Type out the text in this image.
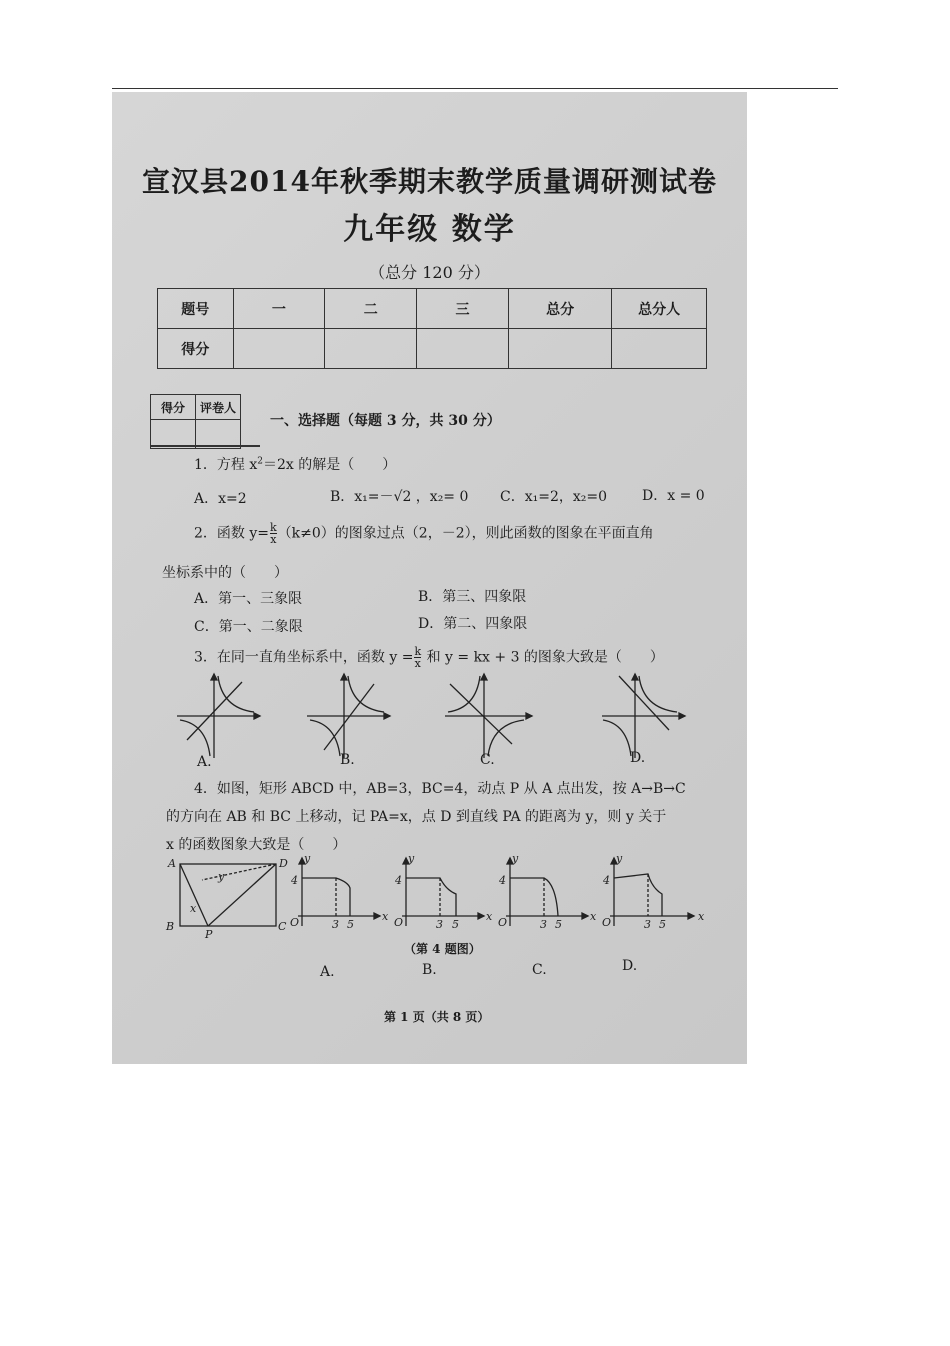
宣汉县2014年秋季期末教学质量调研测试卷
九年级 数学
（总分 120 分）
题号	一	二	三	总分	总分人
得分					
得分	评卷人

一、选择题（每题 3 分，共 30 分）
1．方程 $x^2=2x$ 的解是（　　）
A．x=2	B．x₁=－√2 ，x₂= 0 C．x₁=2，x₂=0 D．x = 0
2．函数 $y= \frac{k}{x} (k\ne 0)$的图象过点（2，－2），则此函数的图象在平面直角
坐标系中的（　　）
A．第一、三象限	B．第三、四象限
C．第一、二象限	D．第二、四象限
3．在同一直角坐标系中，函数 $y = \frac{k}{x}$ 和 y = kx + 3 的图象大致是（　　）
A.	B.	C.	D.
4．如图，矩形 ABCD 中，AB=3，BC=4，动点 P 从 A 点出发，按 A→B→C
的方向在 AB 和 BC 上移动，记 PA=x，点 D 到直线 PA 的距离为 y，则 y 关于
x 的函数图象大致是（　　）
A
B	C
D
P
x
y
O
4
3 5
y
x O
4
3 5
y
x O
4
3 5
y
x O
4
3 5
y
x
（第 4 题图）
A.	B.	C.	D.
第 1 页（共 8 页）
